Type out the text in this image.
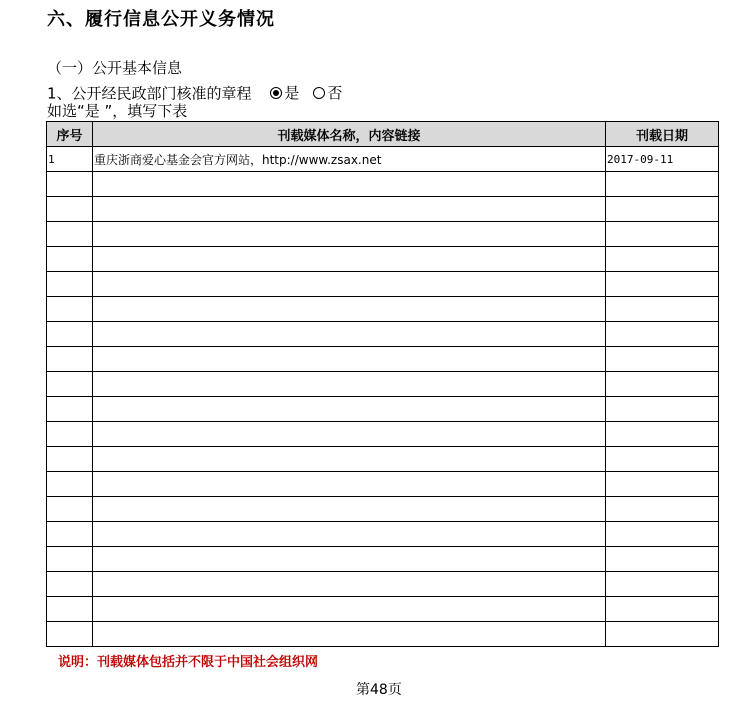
六、履行信息公开义务情况
（一）公开基本信息
1、公开经民政部门核准的章程 是 否
如选“是 ”，填写下表
序号	刊载媒体名称，内容链接	刊载日期
1	重庆浙商爱心基金会官方网站，http://www.zsax.net	2017-09-11

说明：刊载媒体包括并不限于中国社会组织网
第48页
